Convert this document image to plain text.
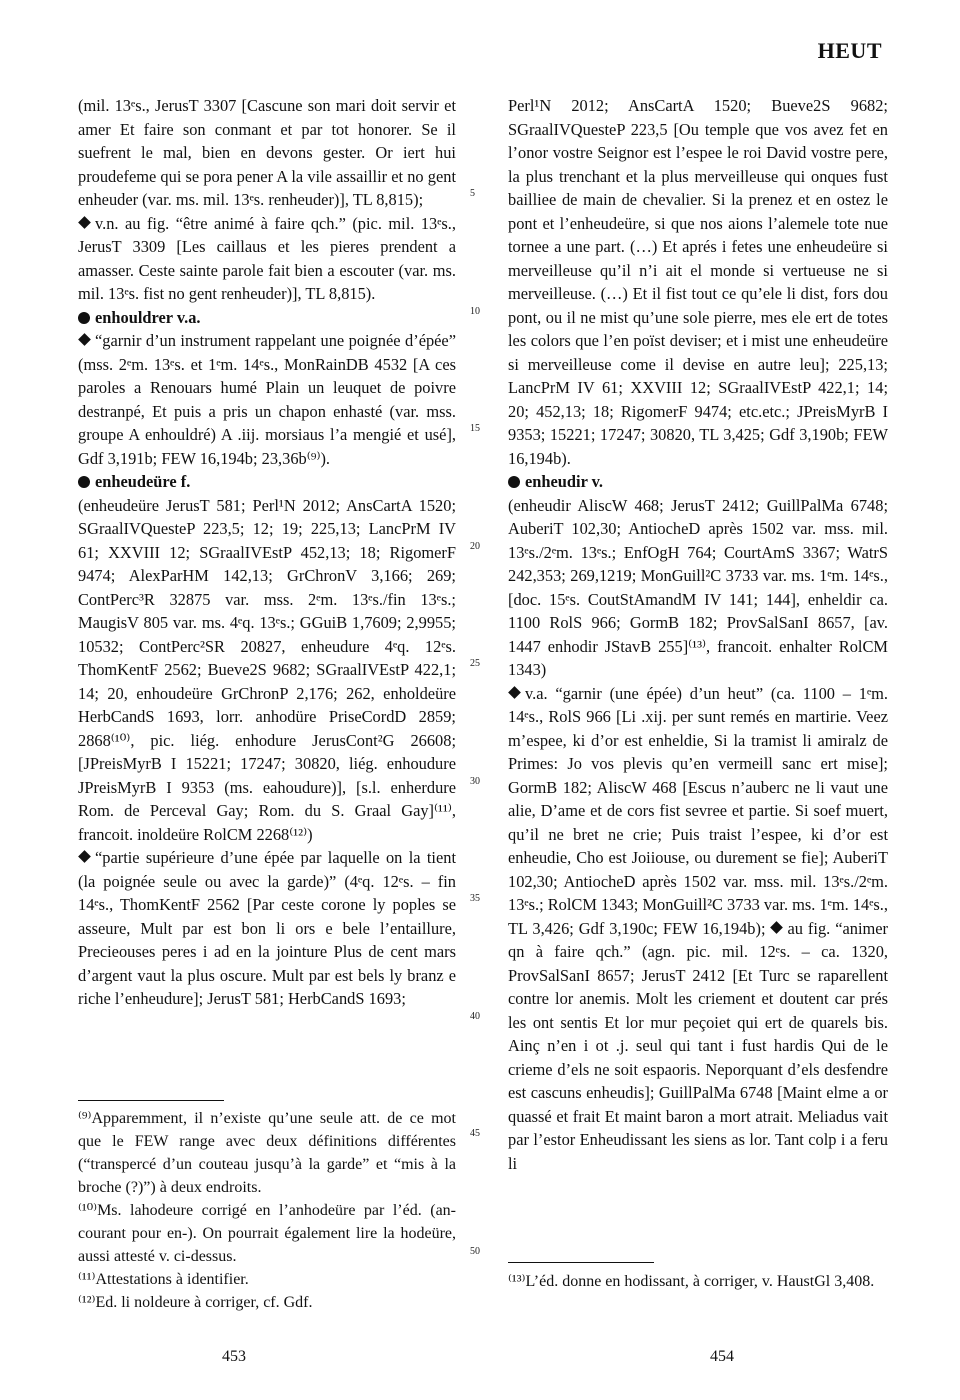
HEUT

(mil. 13ᵉs., JerusT 3307 [Cascune son mari doit servir et amer Et faire son conmant et par tot honorer. Se il suefrent le mal, bien en devons gester. Or iert hui proudefeme qui se pora pener A la vile assaillir et no gent enheuder (var. ms. mil. 13ᵉs. renheuder)], TL 8,815);

v.n. au fig. “être animé à faire qch.” (pic. mil. 13ᵉs., JerusT 3309 [Les caillaus et les pieres prendent a amasser. Ceste sainte parole fait bien a escouter (var. ms. mil. 13ᵉs. fist no gent renheuder)], TL 8,815).

enhouldrer v.a.

“garnir d’un instrument rappelant une poignée d’épée” (mss. 2ᵉm. 13ᵉs. et 1ᵉm. 14ᵉs., MonRainDB 4532 [A ces paroles a Renouars humé Plain un leuquet de poivre destranpé, Et puis a pris un chapon enhasté (var. mss. groupe A enhouldré) A .iij. morsiaus l’a mengié et usé], Gdf 3,191b; FEW 16,194b; 23,36b⁽⁹⁾).

enheudeüre f.

(enheudeüre JerusT 581; Perl¹N 2012; AnsCartA 1520; SGraalIVQuesteP 223,5; 12; 19; 225,13; LancPrM IV 61; XXVIII 12; SGraalIVEstP 452,13; 18; RigomerF 9474; AlexParHM 142,13; GrChronV 3,166; 269; ContPerc³R 32875 var. mss. 2ᵉm. 13ᵉs./fin 13ᵉs.; MaugisV 805 var. ms. 4ᵉq. 13ᵉs.; GGuiB 1,7609; 2,9955; 10532; ContPerc²SR 20827, enheudure 4ᵉq. 12ᵉs. ThomKentF 2562; Bueve2S 9682; SGraalIVEstP 422,1; 14; 20, enhoudeüre GrChronP 2,176; 262, enholdeüre HerbCandS 1693, lorr. anhodüre PriseCordD 2859; 2868⁽¹⁰⁾, pic. liég. enhodure JerusCont²G 26608; [JPreisMyrB I 15221; 17247; 30820, liég. enhoudure JPreisMyrB I 9353 (ms. eahoudure)], [s.l. enherdure Rom. de Perceval Gay; Rom. du S. Graal Gay]⁽¹¹⁾, francoit. inoldeüre RolCM 2268⁽¹²⁾)

“partie supérieure d’une épée par laquelle on la tient (la poignée seule ou avec la garde)” (4ᵉq. 12ᵉs. – fin 14ᵉs., ThomKentF 2562 [Par ceste corone ly poples se asseure, Mult par est bon li ors e bele l’entaillure, Precieouses peres i ad en la jointure Plus de cent mars d’argent vaut la plus oscure. Mult par est bels ly branz e riche l’enheudure]; JerusT 581; HerbCandS 1693;

5
10
15
20
25
30
35
40
45
50

Perl¹N 2012; AnsCartA 1520; Bueve2S 9682; SGraalIVQuesteP 223,5 [Ou temple que vos avez fet en l’onor vostre Seignor est l’espee le roi David vostre pere, la plus trenchant et la plus merveilleuse qui onques fust bailliee de main de chevalier. Si la prenez et en ostez le pont et l’enheudeüre, si que nos aions l’alemele tote nue tornee a une part. (…) Et aprés i fetes une enheudeüre si merveilleuse qu’il n’i ait el monde si vertueuse ne si merveilleuse. (…) Et il fist tout ce qu’ele li dist, fors dou pont, ou il ne mist qu’une sole pierre, mes ele ert de totes les colors que l’en poïst deviser; et i mist une enheudeüre si merveilleuse come il devise en autre leu]; 225,13; LancPrM IV 61; XXVIII 12; SGraalIVEstP 422,1; 14; 20; 452,13; 18; RigomerF 9474; etc.etc.; JPreisMyrB I 9353; 15221; 17247; 30820, TL 3,425; Gdf 3,190b; FEW 16,194b).

enheudir v.

(enheudir AliscW 468; JerusT 2412; GuillPalMa 6748; AuberiT 102,30; AntiocheD après 1502 var. mss. mil. 13ᵉs./2ᵉm. 13ᵉs.; EnfOgH 764; CourtAmS 3367; WatrS 242,353; 269,1219; MonGuill²C 3733 var. ms. 1ᵉm. 14ᵉs., [doc. 15ᵉs. CoutStAmandM IV 141; 144], enheldir ca. 1100 RolS 966; GormB 182; ProvSalSanI 8657, [av. 1447 enhodir JStavB 255]⁽¹³⁾, francoit. enhalter RolCM 1343)

v.a. “garnir (une épée) d’un heut” (ca. 1100 – 1ᵉm. 14ᵉs., RolS 966 [Li .xij. per sunt remés en martirie. Veez m’espee, ki d’or est enheldie, Si la tramist li amiralz de Primes: Jo vos plevis qu’en vermeill sanc ert mise]; GormB 182; AliscW 468 [Escus n’auberc ne li vaut une alie, D’ame et de cors fist sevree et partie. Si soef muert, qu’il ne bret ne crie; Puis traist l’espee, ki d’or est enheudie, Cho est Joiiouse, ou durement se fie]; AuberiT 102,30; AntiocheD après 1502 var. mss. mil. 13ᵉs./2ᵉm. 13ᵉs.; RolCM 1343; MonGuill²C 3733 var. ms. 1ᵉm. 14ᵉs., TL 3,426; Gdf 3,190c; FEW 16,194b); au fig. “animer qn à faire qch.” (agn. pic. mil. 12ᵉs. – ca. 1320, ProvSalSanI 8657; JerusT 2412 [Et Turc se raparellent contre lor anemis. Molt les criement et doutent car prés les ont sentis Et lor mur peçoiet qui ert de quarels bis. Ainç n’en i ot .j. seul qui tant i fust hardis Qui de le crieme d’els ne soit espaoris. Neporquant d’els desfendre est cascuns enheudis]; GuillPalMa 6748 [Maint elme a or quassé et frait Et maint baron a mort atrait. Meliadus vait par l’estor Enheudissant les siens as lor. Tant colp i a feru li

⁽⁹⁾Apparemment, il n’existe qu’une seule att. de ce mot que le FEW range avec deux définitions différentes (“transpercé d’un couteau jusqu’à la garde” et “mis à la broche (?)”) à deux endroits.

⁽¹⁰⁾Ms. lahodeure corrigé en l’anhodeüre par l’éd. (an- courant pour en-). On pourrait également lire la hodeüre, aussi attesté v. ci-dessus.

⁽¹¹⁾Attestations à identifier.

⁽¹²⁾Ed. li noldeure à corriger, cf. Gdf.

⁽¹³⁾L’éd. donne en hodissant, à corriger, v. HaustGl 3,408.

453	454
